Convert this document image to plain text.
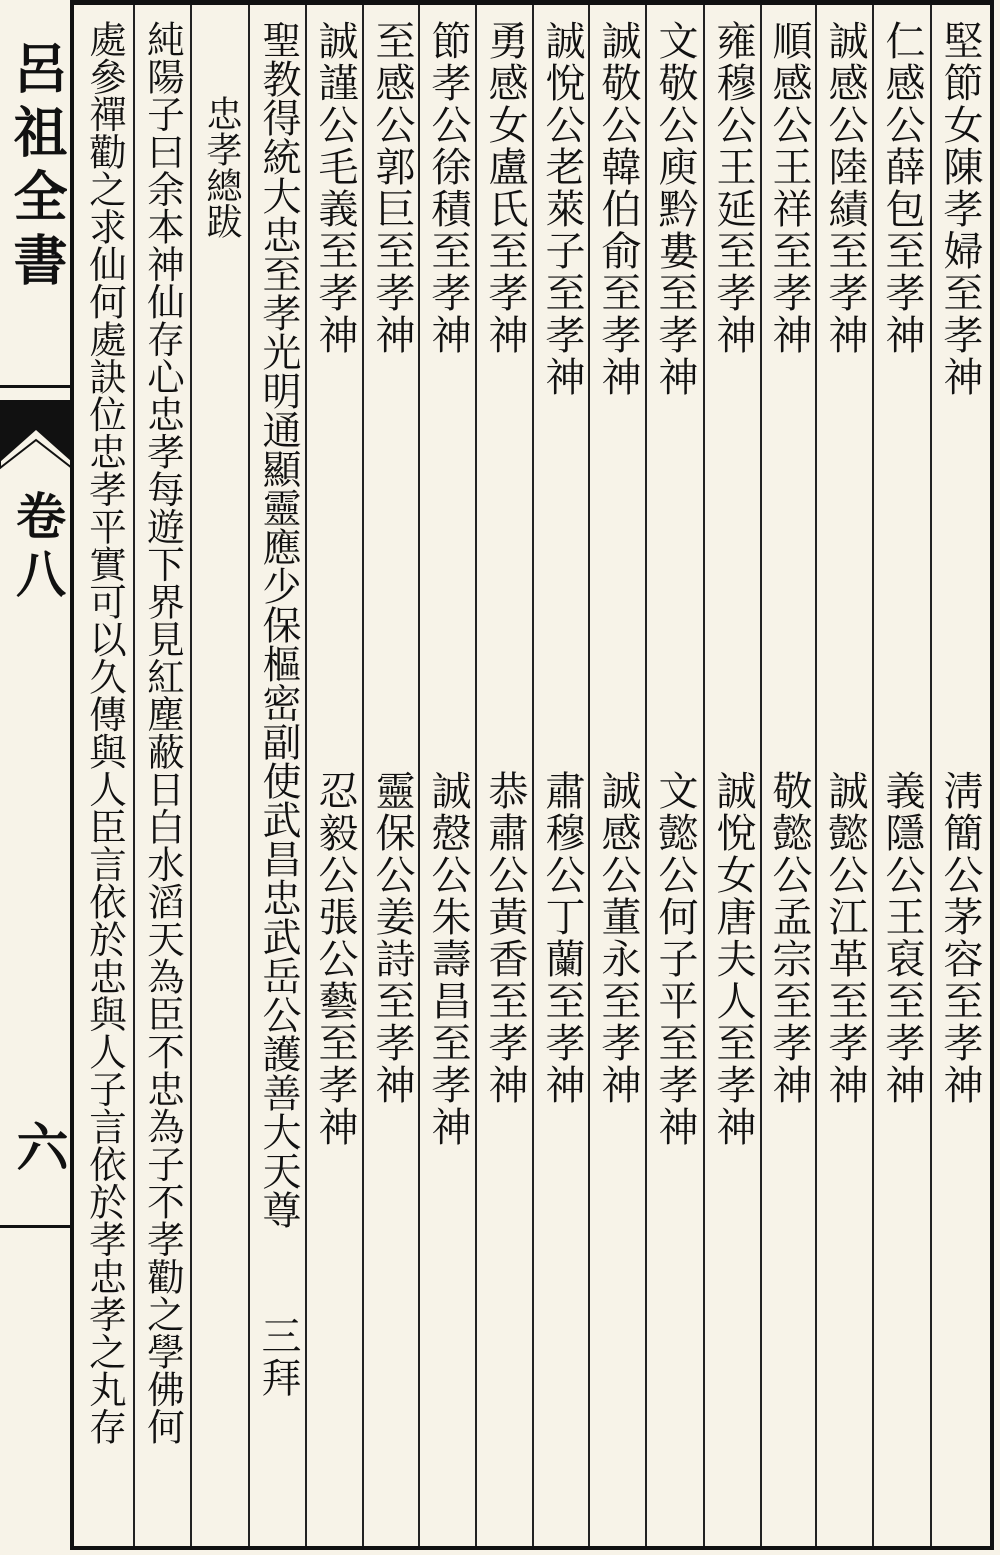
呂祖全書
卷八
六
堅節女陳孝婦至孝神
淸簡公茅容至孝神
仁感公薛包至孝神
義隱公王裒至孝神
誠感公陸績至孝神
誠懿公江革至孝神
順感公王祥至孝神
敬懿公孟宗至孝神
雍穆公王延至孝神
誠悅女唐夫人至孝神
文敬公庾黔婁至孝神
文懿公何子平至孝神
誠敬公韓伯俞至孝神
誠感公董永至孝神
誠悅公老萊子至孝神
肅穆公丁蘭至孝神
勇感女盧氏至孝神
恭肅公黃香至孝神
節孝公徐積至孝神
誠慤公朱壽昌至孝神
至感公郭巨至孝神
靈保公姜詩至孝神
誠謹公毛義至孝神
忍毅公張公藝至孝神
聖教得統大忠至孝光明通顯靈應少保樞密副使武昌忠武岳公護善大天尊
三拜
忠孝總跋
純陽子曰余本神仙存心忠孝每遊下界見紅塵蔽日白水滔天為臣不忠為子不孝勸之學佛何
處參禪勸之求仙何處訣位忠孝平實可以久傳與人臣言依於忠與人子言依於孝忠孝之丸存
